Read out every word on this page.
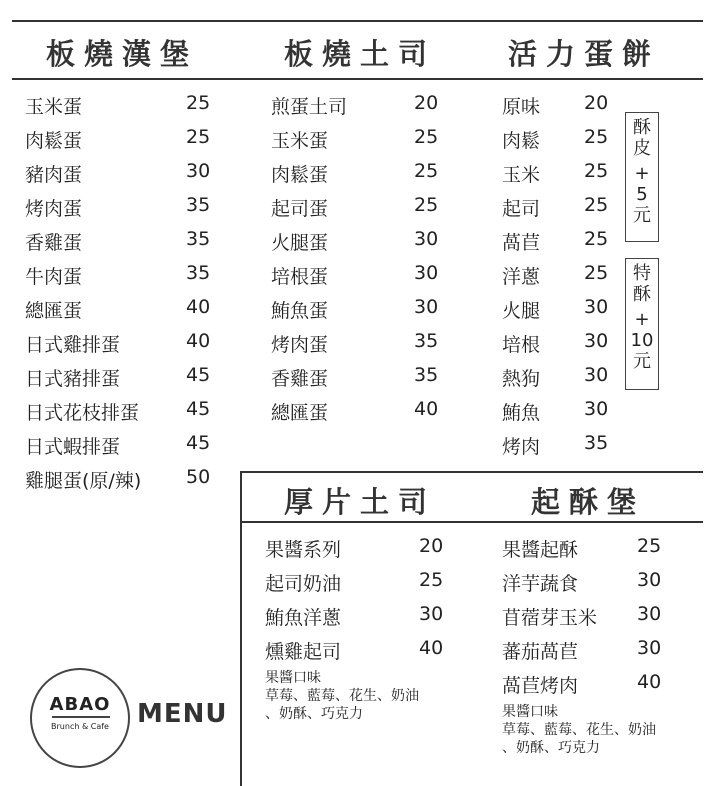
板燒漢堡	板燒土司 活力蛋餅
厚片土司	起酥堡
玉米蛋	25
肉鬆蛋	25
豬肉蛋	30
烤肉蛋	35
香雞蛋	35
牛肉蛋	35
總匯蛋	40
日式雞排蛋	40
日式豬排蛋	45
日式花枝排蛋 45
日式蝦排蛋	45
雞腿蛋(原/辣) 50
煎蛋土司	20
玉米蛋	25
肉鬆蛋	25
起司蛋	25
火腿蛋	30
培根蛋	30
鮪魚蛋	30
烤肉蛋	35
香雞蛋	35
總匯蛋	40
原味 20
肉鬆 25
玉米 25
起司 25
萵苣 25
洋蔥 25
火腿 30
培根 30
熱狗 30
鮪魚 30
烤肉 35
酥
皮
+
5
元
特
酥
+
10
元
果醬系列	20
起司奶油	25
鮪魚洋蔥	30
燻雞起司	40
果醬口味
草莓、藍莓、花生、奶油
、奶酥、巧克力
果醬起酥	25
洋芋蔬食	30
苜蓿芽玉米 30
蕃茄萵苣	30
萵苣烤肉	40
果醬口味
草莓、藍莓、花生、奶油
、奶酥、巧克力
ABAO
Brunch & Cafe	MENU
